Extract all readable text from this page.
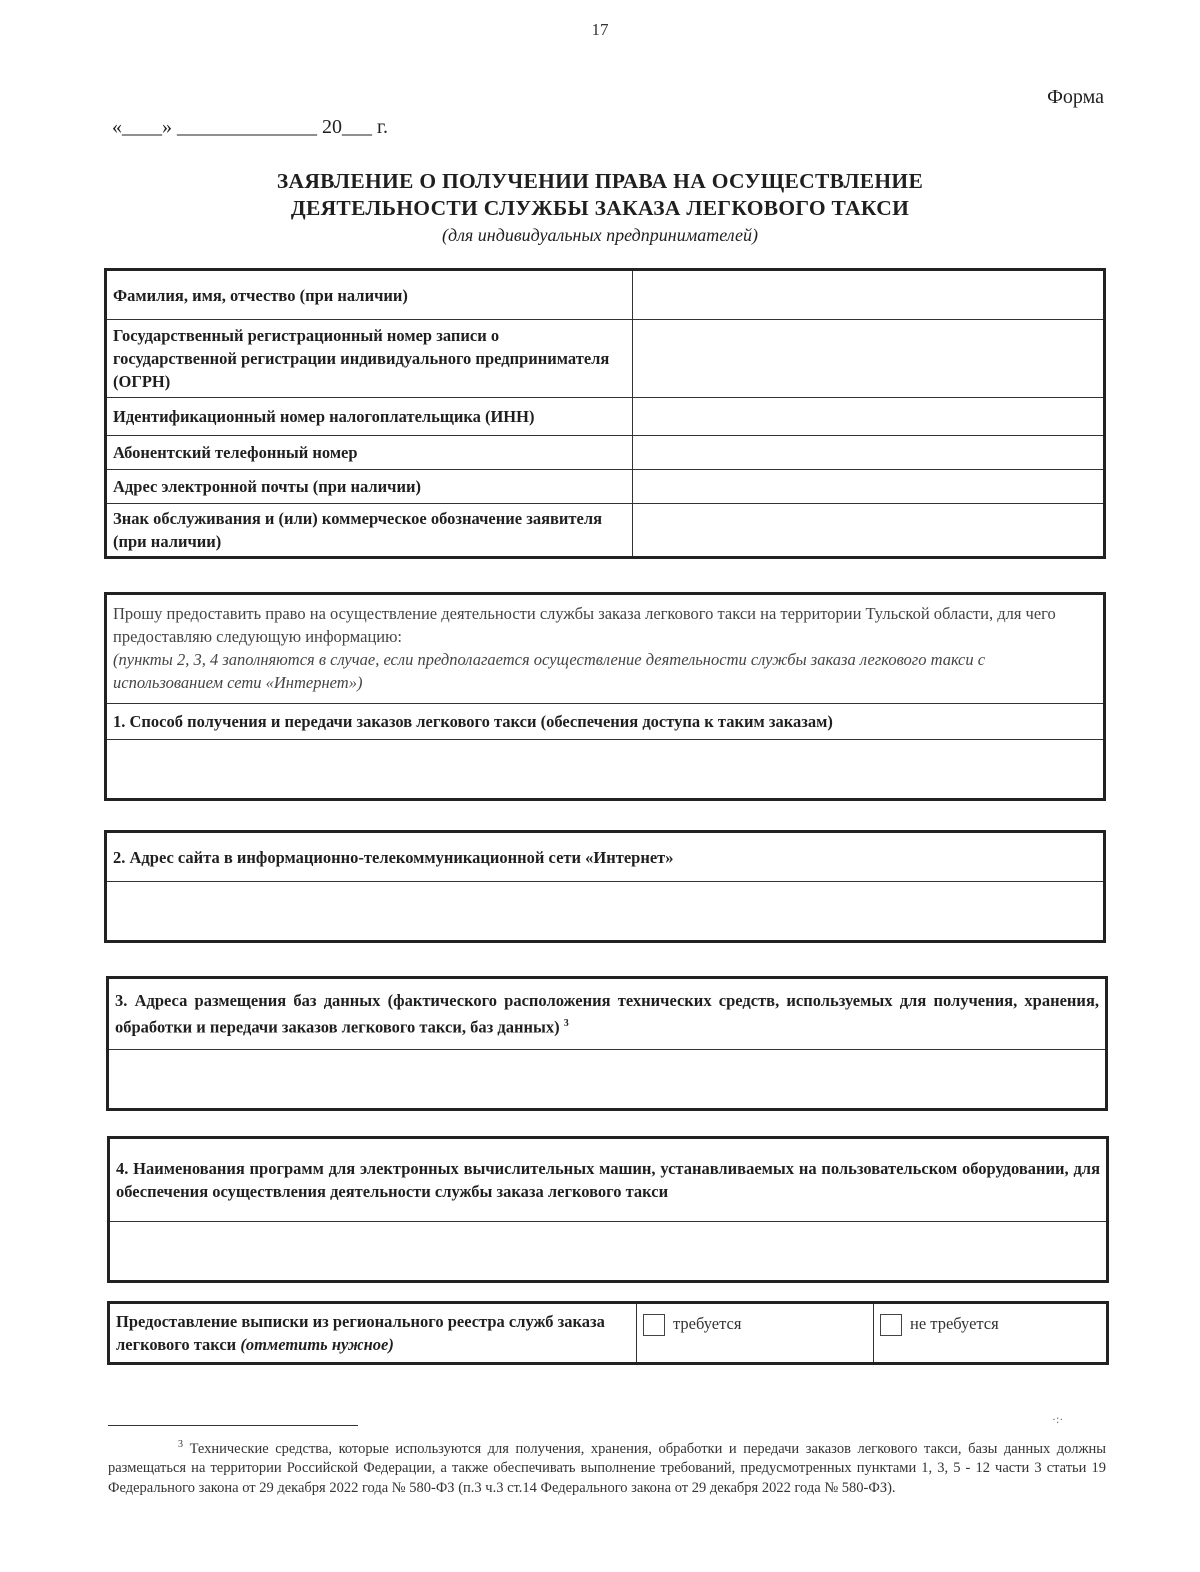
17
Форма
«____» ______________ 20___ г.
ЗАЯВЛЕНИЕ О ПОЛУЧЕНИИ ПРАВА НА ОСУЩЕСТВЛЕНИЕ
ДЕЯТЕЛЬНОСТИ СЛУЖБЫ ЗАКАЗА ЛЕГКОВОГО ТАКСИ
(для индивидуальных предпринимателей)
Фамилия, имя, отчество (при наличии)	
Государственный регистрационный номер записи о государственной регистрации индивидуального предпринимателя (ОГРН)	
Идентификационный номер налогоплательщика (ИНН)	
Абонентский телефонный номер	
Адрес электронной почты (при наличии)	
Знак обслуживания и (или) коммерческое обозначение заявителя (при наличии)	
Прошу предоставить право на осуществление деятельности службы заказа легкового такси на территории Тульской области, для чего предоставляю следующую информацию:
(пункты 2, 3, 4 заполняются в случае, если предполагается осуществление деятельности службы заказа легкового такси с использованием сети «Интернет»)

1. Способ получения и передачи заказов легкового такси (обеспечения доступа к таким заказам)

2. Адрес сайта в информационно-телекоммуникационной сети «Интернет»

3. Адреса размещения баз данных (фактического расположения технических средств, используемых для получения, хранения, обработки и передачи заказов легкового такси, баз данных) $^3$

4. Наименования программ для электронных вычислительных машин, устанавливаемых на пользовательском оборудовании, для обеспечения осуществления деятельности службы заказа легкового такси

Предоставление выписки из регионального реестра служб заказа легкового такси (отметить нужное)	требуется	не требуется
·:·
$^3$ Технические средства, которые используются для получения, хранения, обработки и передачи заказов легкового такси, базы данных должны размещаться на территории Российской Федерации, а также обеспечивать выполнение требований, предусмотренных пунктами 1, 3, 5 - 12 части 3 статьи 19 Федерального закона от 29 декабря 2022 года № 580-ФЗ (п.3 ч.3 ст.14 Федерального закона от 29 декабря 2022 года № 580-ФЗ).
